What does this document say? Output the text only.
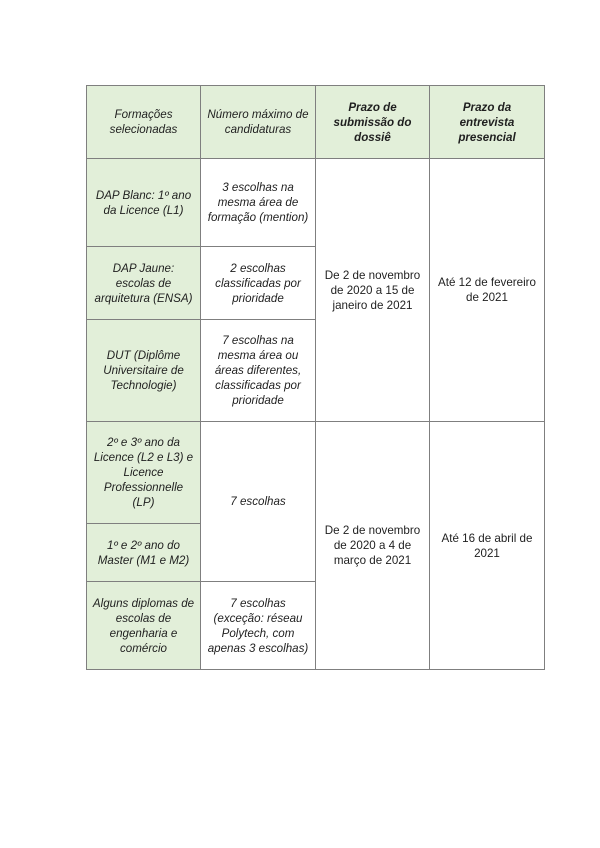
Formações selecionadas	Número máximo de candidaturas	Prazo de submissão do dossiê	Prazo da entrevista presencial
DAP Blanc: 1º ano da Licence (L1)	3 escolhas na mesma área de formação (mention)	De 2 de novembro de 2020 a 15 de janeiro de 2021	Até 12 de fevereiro de 2021
DAP Jaune: escolas de arquitetura (ENSA)	2 escolhas classificadas por prioridade		
DUT (Diplôme Universitaire de Technologie)	7 escolhas na mesma área ou áreas diferentes, classificadas por prioridade		
2º e 3º ano da Licence (L2 e L3) e Licence Professionnelle (LP)	7 escolhas	De 2 de novembro de 2020 a 4 de março de 2021	Até 16 de abril de 2021
1º e 2º ano do Master (M1 e M2)			
Alguns diplomas de escolas de engenharia e comércio	7 escolhas (exceção: réseau Polytech, com apenas 3 escolhas)		
